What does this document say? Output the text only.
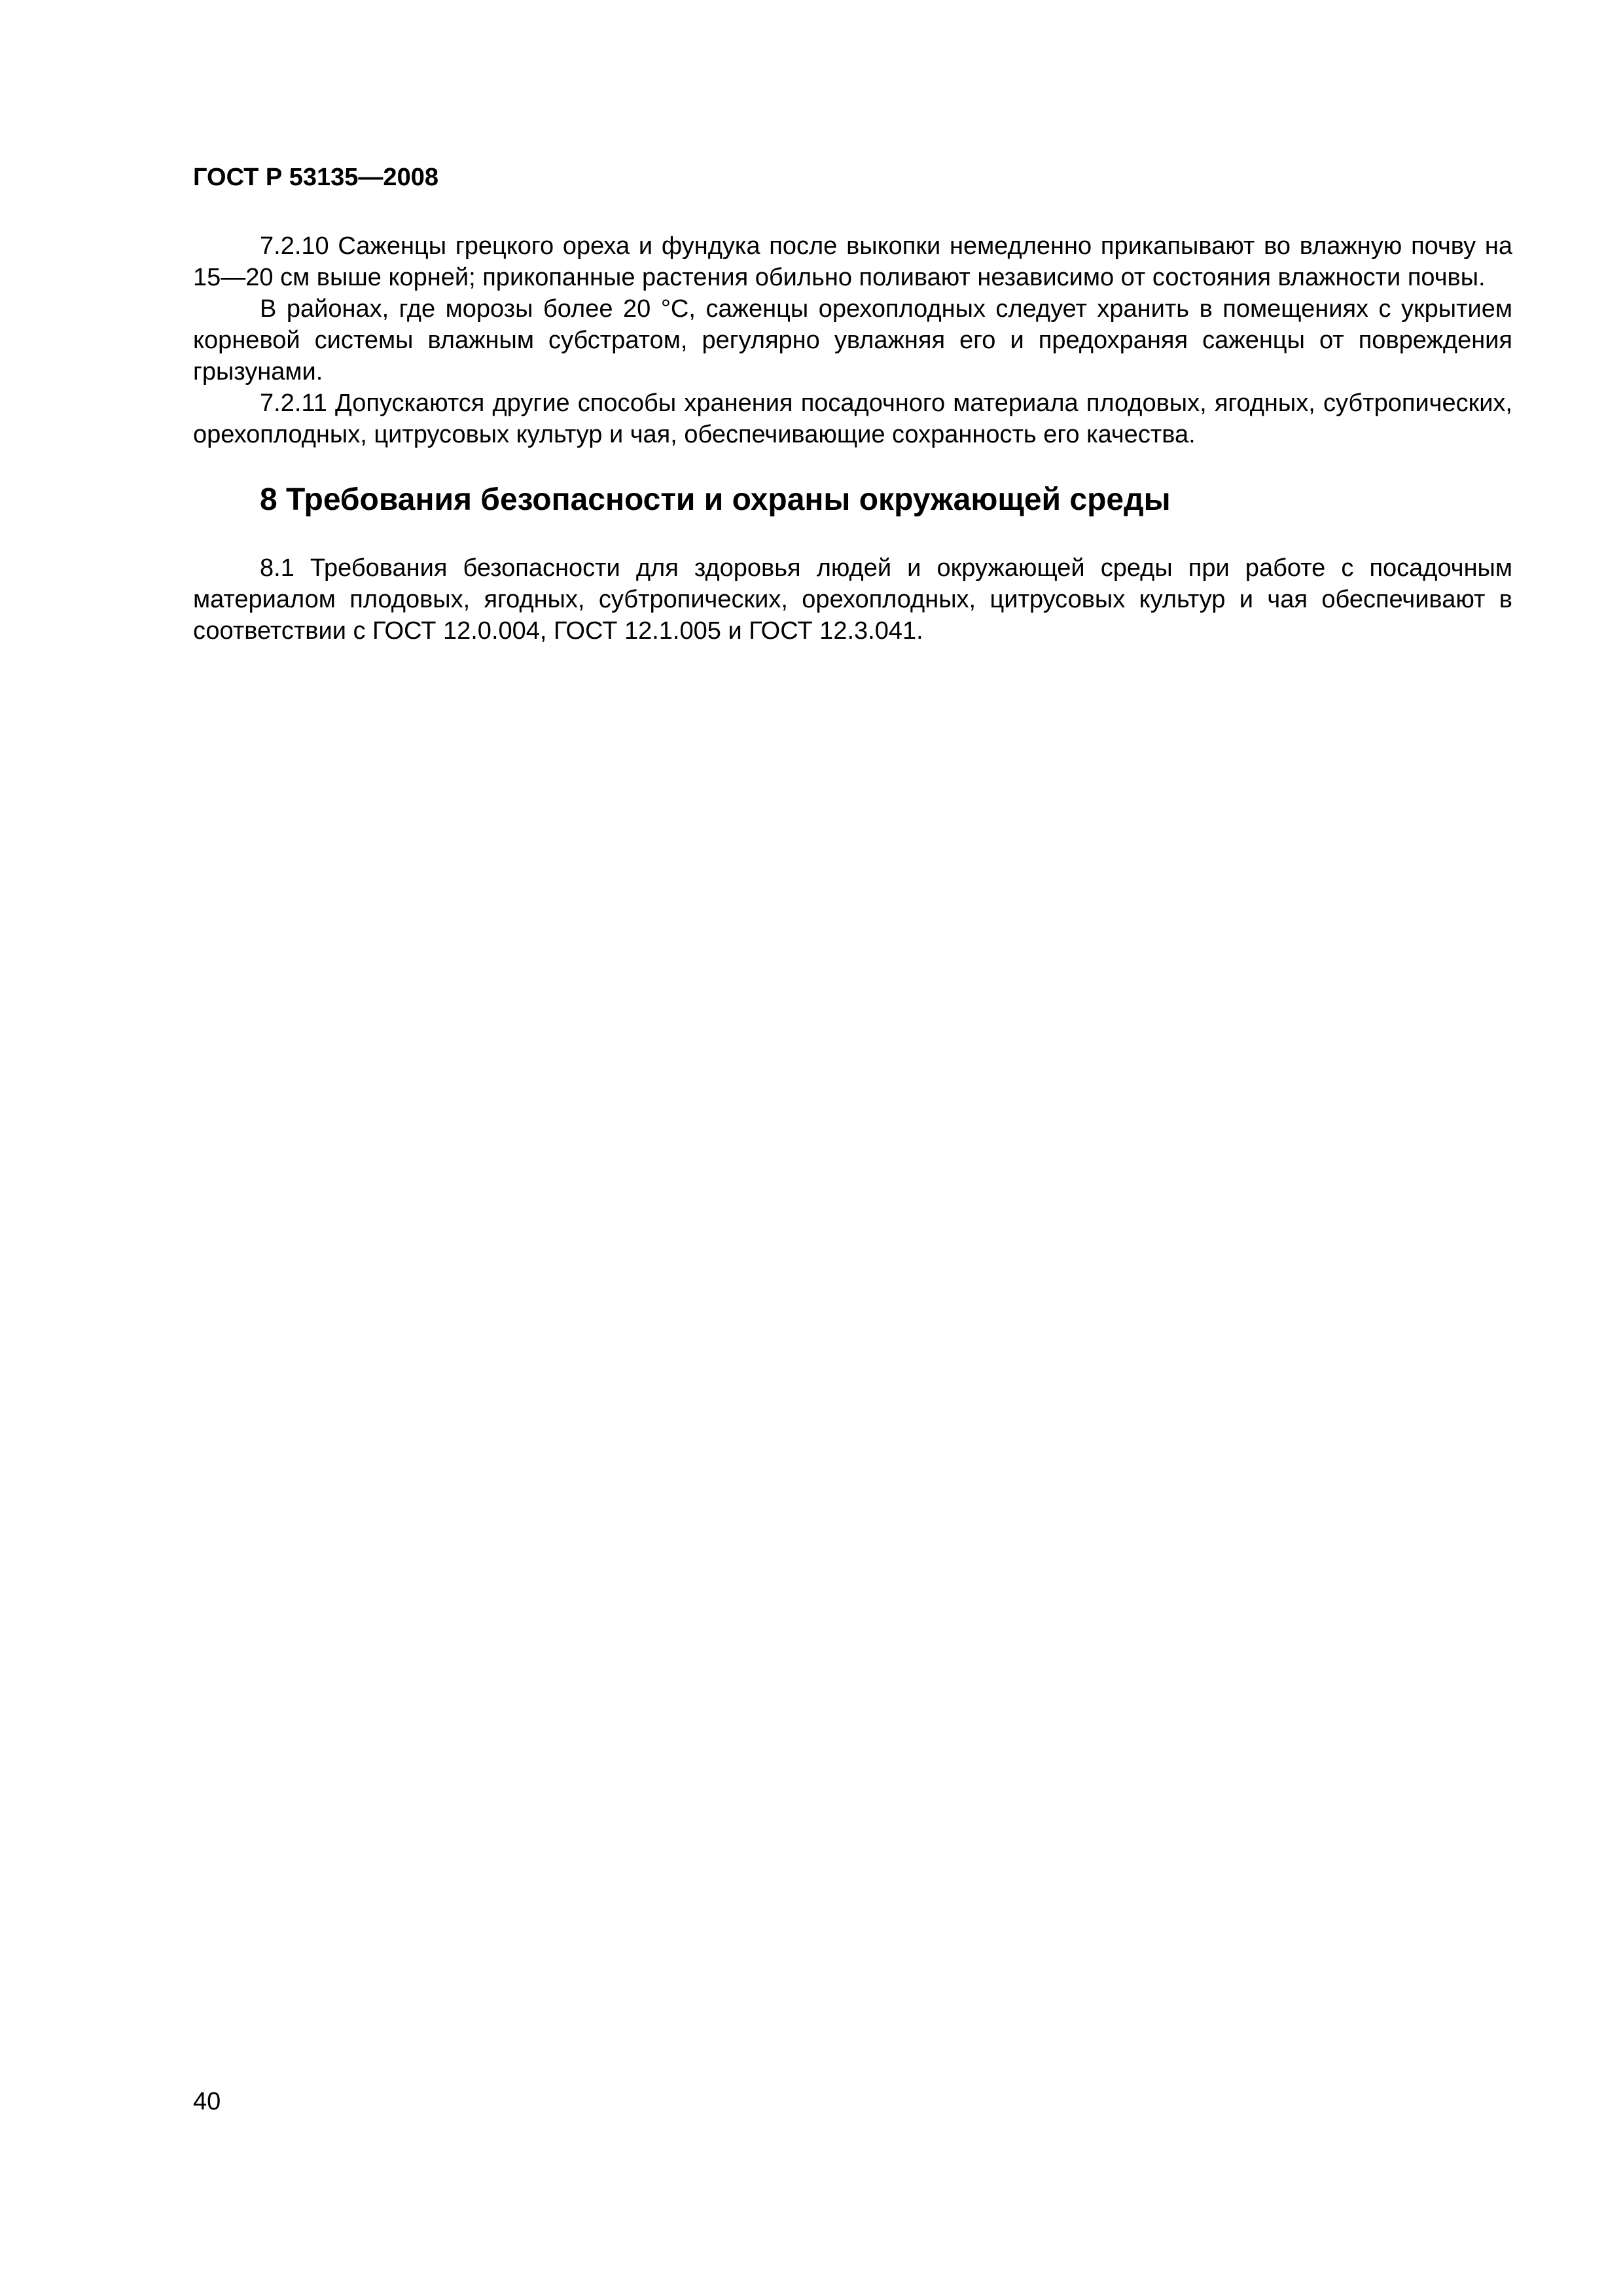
ГОСТ Р 53135—2008

7.2.10 Саженцы грецкого ореха и фундука после выкопки немедленно прикапывают во влажную почву на 15—20 см выше корней; прикопанные растения обильно поливают независимо от состояния влажности почвы.

В районах, где морозы более 20 °С, саженцы орехоплодных следует хранить в помещениях с укрытием корневой системы влажным субстратом, регулярно увлажняя его и предохраняя саженцы от повреждения грызунами.

7.2.11 Допускаются другие способы хранения посадочного материала плодовых, ягодных, субтропических, орехоплодных, цитрусовых культур и чая, обеспечивающие сохранность его качества.

8 Требования безопасности и охраны окружающей среды

8.1 Требования безопасности для здоровья людей и окружающей среды при работе с посадочным материалом плодовых, ягодных, субтропических, орехоплодных, цитрусовых культур и чая обеспечивают в соответствии с ГОСТ 12.0.004, ГОСТ 12.1.005 и ГОСТ 12.3.041.

40
